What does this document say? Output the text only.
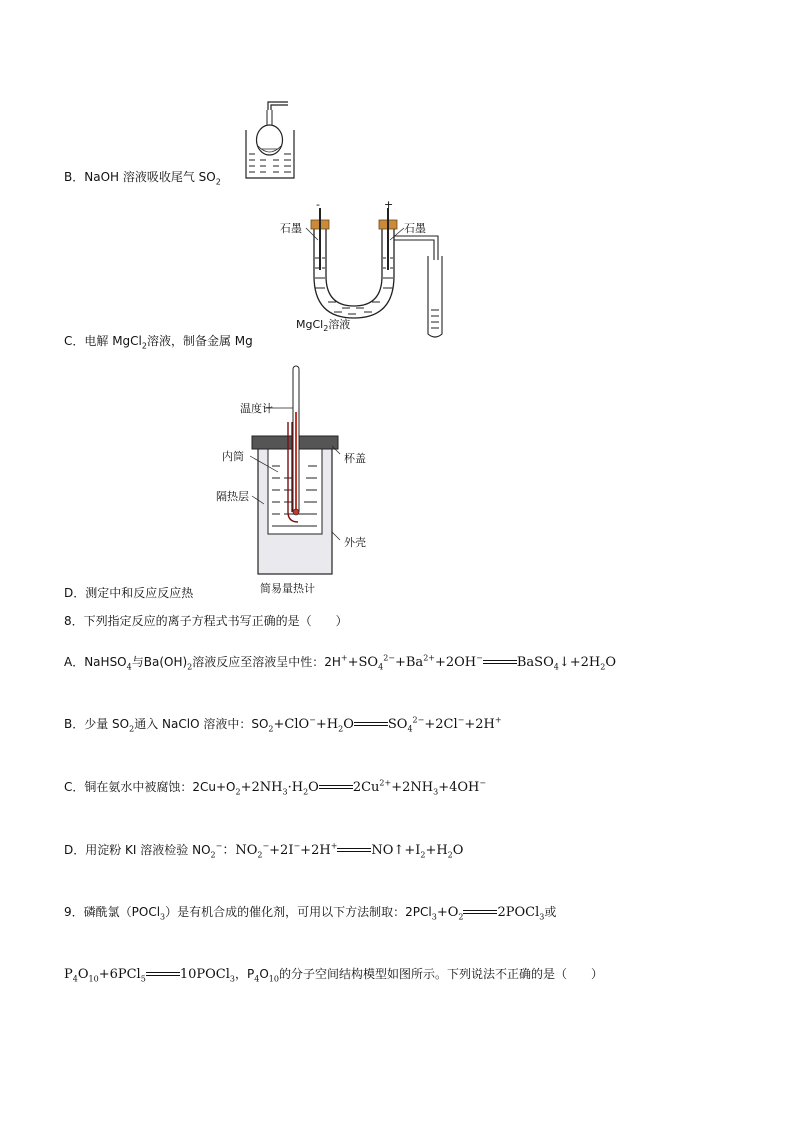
B．NaOH 溶液吸收尾气 $SO_2$
-	+
石墨	石墨
MgCl$_2$溶液
C．电解 MgCl$_2$溶液，制备金属 Mg
温度计
内筒	杯盖
隔热层
外壳
简易量热计
D．测定中和反应反应热
8．下列指定反应的离子方程式书写正确的是（　　）
A．NaHSO$_4$与$Ba(OH)_2$溶液反应至溶液呈中性：$2H^++SO_4^{2-}+Ba^{2+}+2OH^-$	$BaSO_4↓+2H_2O$
B．少量 $SO_2$通入 NaClO 溶液中：$SO_2+ClO^-+H_2O$	$SO_4^{2-}+2Cl^-+2H^+$
C．铜在氨水中被腐蚀：$2Cu+O_2+2NH_3\cdot H_2O$	$2Cu^{2+}+2NH_3+4OH^-$
D．用淀粉 KI 溶液检验 $NO_2^-$：$NO_2^-+2I^-+2H^+$	$NO↑+I_2+H_2O$
9．磷酰氯（POCl$_3$）是有机合成的催化剂，可用以下方法制取：$2PCl_3+O_2$	2POCl$_3$或
$P_4O_{10}+6PCl_5$	10POCl$_3$，$P_4O_{10}$的分子空间结构模型如图所示。下列说法不正确的是（　　）
